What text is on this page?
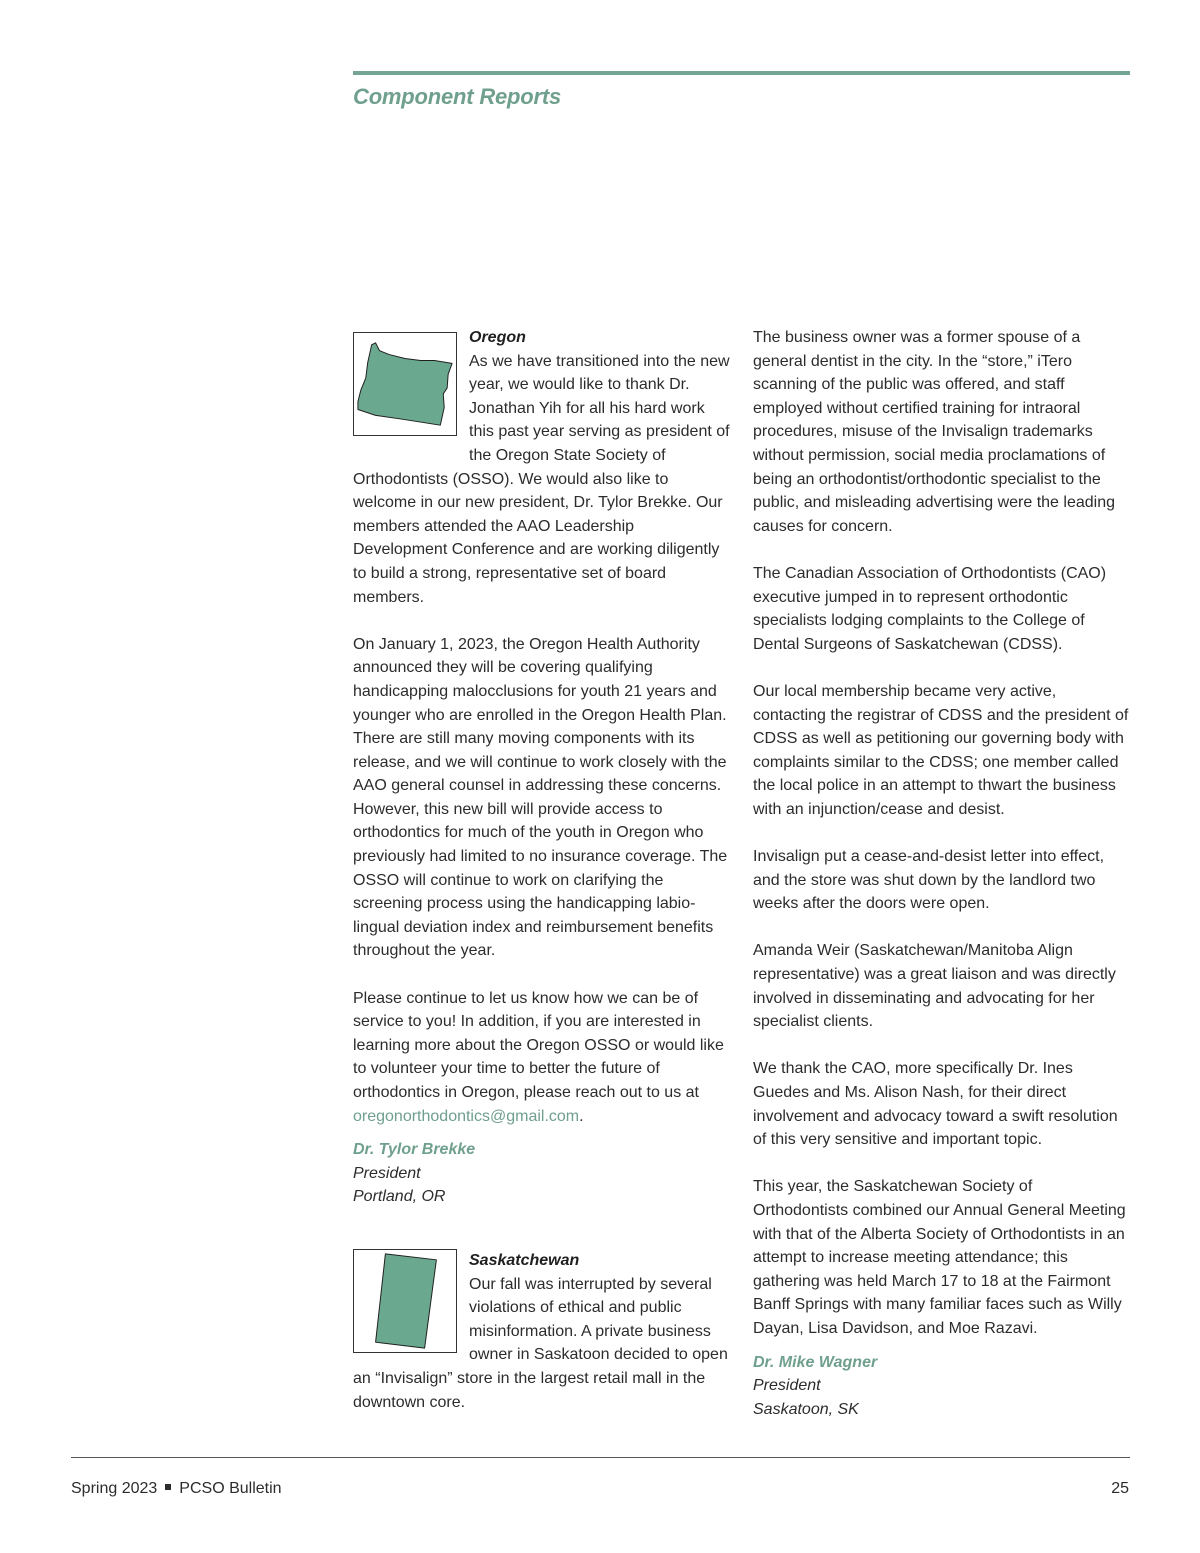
Component Reports
Oregon

As we have transitioned into the new year, we would like to thank Dr. Jonathan Yih for all his hard work this past year serving as president of the Oregon State Society of Orthodontists (OSSO). We would also like to welcome in our new president, Dr. Tylor Brekke. Our members attended the AAO Leadership Development Conference and are working diligently to build a strong, representative set of board members.

On January 1, 2023, the Oregon Health Authority announced they will be covering qualifying handicapping malocclusions for youth 21 years and younger who are enrolled in the Oregon Health Plan. There are still many moving components with its release, and we will continue to work closely with the AAO general counsel in addressing these concerns. However, this new bill will provide access to orthodontics for much of the youth in Oregon who previously had limited to no insurance coverage. The OSSO will continue to work on clarifying the screening process using the handicapping labio-lingual deviation index and reimbursement benefits throughout the year.

Please continue to let us know how we can be of service to you! In addition, if you are interested in learning more about the Oregon OSSO or would like to volunteer your time to better the future of orthodontics in Oregon, please reach out to us at oregonorthodontics@gmail.com.

Dr. Tylor Brekke
President
Portland, OR
Saskatchewan

Our fall was interrupted by several violations of ethical and public misinformation. A private business owner in Saskatoon decided to open an “Invisalign” store in the largest retail mall in the downtown core.

The business owner was a former spouse of a general dentist in the city. In the “store,” iTero scanning of the public was offered, and staff employed without certified training for intraoral procedures, misuse of the Invisalign trademarks without permission, social media proclamations of being an orthodontist/orthodontic specialist to the public, and misleading advertising were the leading causes for concern.

The Canadian Association of Orthodontists (CAO) executive jumped in to represent orthodontic specialists lodging complaints to the College of Dental Surgeons of Saskatchewan (CDSS).

Our local membership became very active, contacting the registrar of CDSS and the president of CDSS as well as petitioning our governing body with complaints similar to the CDSS; one member called the local police in an attempt to thwart the business with an injunction/cease and desist.

Invisalign put a cease-and-desist letter into effect, and the store was shut down by the landlord two weeks after the doors were open.

Amanda Weir (Saskatchewan/Manitoba Align representative) was a great liaison and was directly involved in disseminating and advocating for her specialist clients.

We thank the CAO, more specifically Dr. Ines Guedes and Ms. Alison Nash, for their direct involvement and advocacy toward a swift resolution of this very sensitive and important topic.

This year, the Saskatchewan Society of Orthodontists combined our Annual General Meeting with that of the Alberta Society of Orthodontists in an attempt to increase meeting attendance; this gathering was held March 17 to 18 at the Fairmont Banff Springs with many familiar faces such as Willy Dayan, Lisa Davidson, and Moe Razavi.

Dr. Mike Wagner
President
Saskatoon, SK
Spring 2023 PCSO Bulletin	25
